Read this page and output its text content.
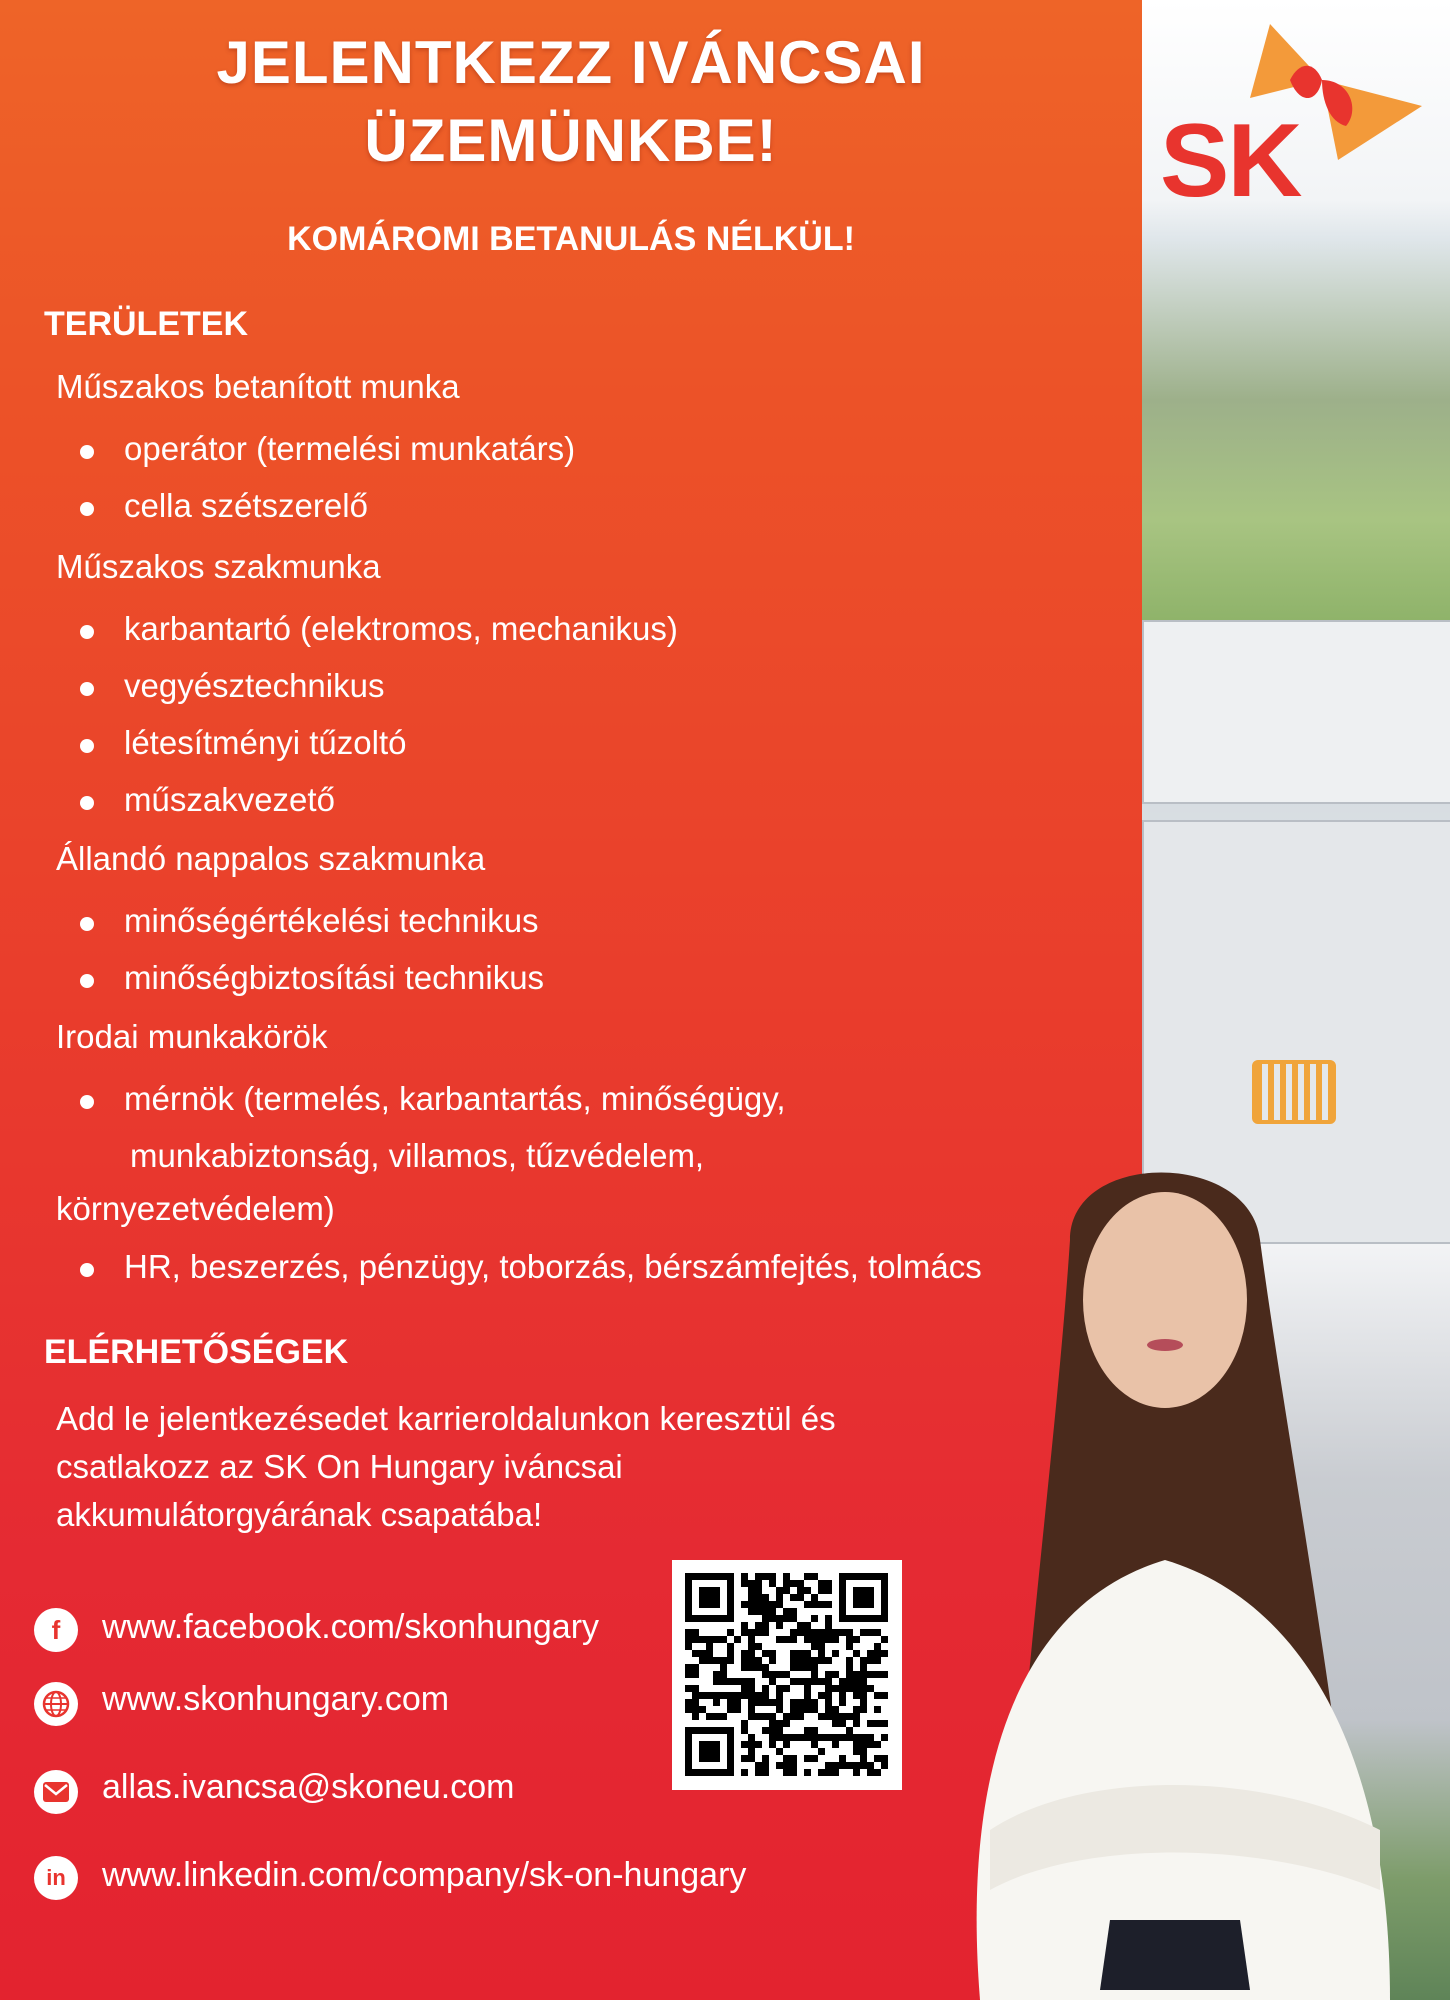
SK
JELENTKEZZ IVÁNCSAI
ÜZEMÜNKBE!
KOMÁROMI BETANULÁS NÉLKÜL!
TERÜLETEK
Műszakos betanított munka
operátor (termelési munkatárs)
cella szétszerelő
Műszakos szakmunka
karbantartó (elektromos, mechanikus)
vegyésztechnikus
létesítményi tűzoltó
műszakvezető
Állandó nappalos szakmunka
minőségértékelési technikus
minőségbiztosítási technikus
Irodai munkakörök
mérnök (termelés, karbantartás, minőségügy,
munkabiztonság, villamos, tűzvédelem,
környezetvédelem)
HR, beszerzés, pénzügy, toborzás, bérszámfejtés, tolmács
ELÉRHETŐSÉGEK
Add le jelentkezésedet karrieroldalunkon keresztül és
csatlakozz az SK On Hungary iváncsai
akkumulátorgyárának csapatába!
f	www.facebook.com/skonhungary
www.skonhungary.com
allas.ivancsa@skoneu.com
in	www.linkedin.com/company/sk-on-hungary
